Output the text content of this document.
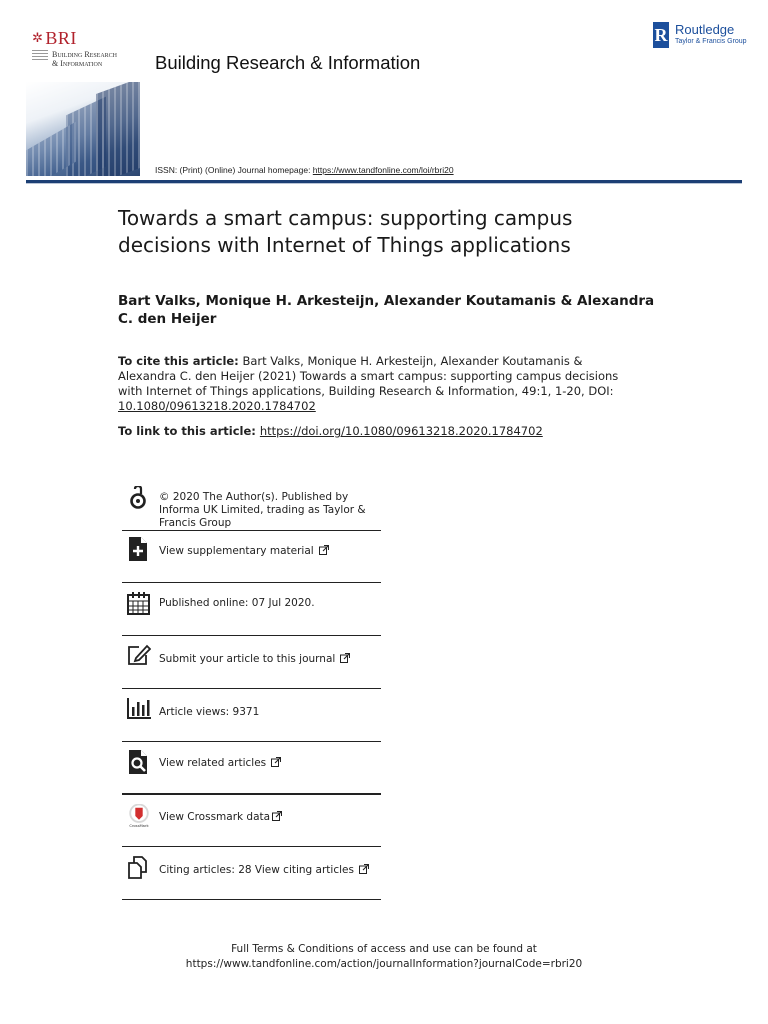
✲ BRI
Building Research
& Information	Building Research & Information
R Routledge
Taylor & Francis Group
ISSN: (Print) (Online) Journal homepage: https://www.tandfonline.com/loi/rbri20
Towards a smart campus: supporting campus decisions with Internet of Things applications
Bart Valks, Monique H. Arkesteijn, Alexander Koutamanis & Alexandra C. den Heijer
To cite this article: Bart Valks, Monique H. Arkesteijn, Alexander Koutamanis & Alexandra C. den Heijer (2021) Towards a smart campus: supporting campus decisions with Internet of Things applications, Building Research & Information, 49:1, 1-20, DOI: 10.1080/09613218.2020.1784702
To link to this article: https://doi.org/10.1080/09613218.2020.1784702
© 2020 The Author(s). Published by Informa UK Limited, trading as Taylor & Francis Group
View supplementary material
Published online: 07 Jul 2020.
Submit your article to this journal
Article views: 9371
View related articles
CrossMark
View Crossmark data
Citing articles: 28 View citing articles
Full Terms & Conditions of access and use can be found at
https://www.tandfonline.com/action/journalInformation?journalCode=rbri20
